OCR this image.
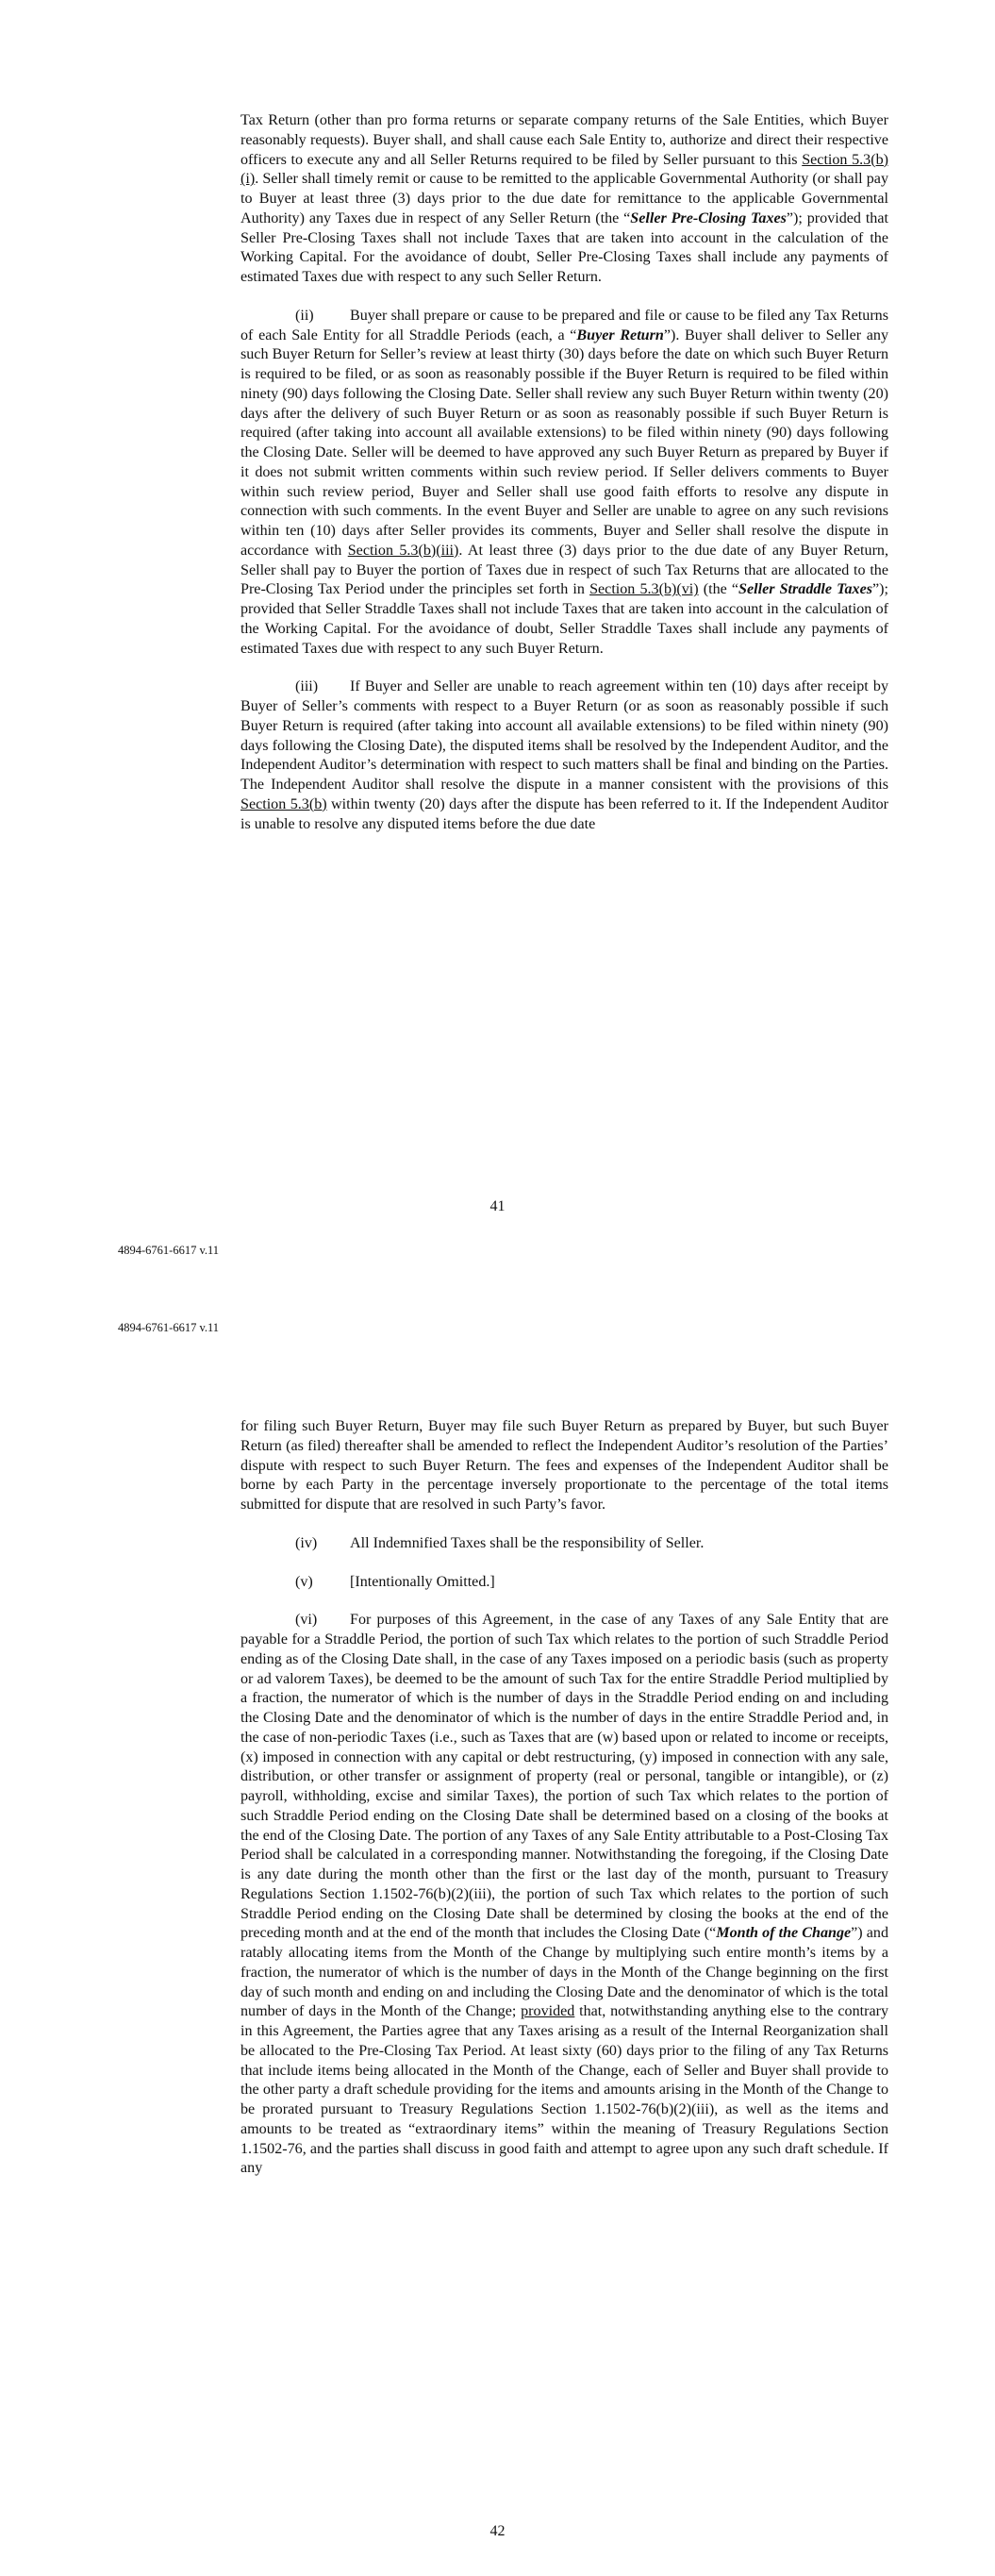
Tax Return (other than pro forma returns or separate company returns of the Sale Entities, which Buyer reasonably requests). Buyer shall, and shall cause each Sale Entity to, authorize and direct their respective officers to execute any and all Seller Returns required to be filed by Seller pursuant to this Section 5.3(b)(i). Seller shall timely remit or cause to be remitted to the applicable Governmental Authority (or shall pay to Buyer at least three (3) days prior to the due date for remittance to the applicable Governmental Authority) any Taxes due in respect of any Seller Return (the “Seller Pre-Closing Taxes”); provided that Seller Pre-Closing Taxes shall not include Taxes that are taken into account in the calculation of the Working Capital. For the avoidance of doubt, Seller Pre-Closing Taxes shall include any payments of estimated Taxes due with respect to any such Seller Return.

(ii) Buyer shall prepare or cause to be prepared and file or cause to be filed any Tax Returns of each Sale Entity for all Straddle Periods (each, a “Buyer Return”). Buyer shall deliver to Seller any such Buyer Return for Seller’s review at least thirty (30) days before the date on which such Buyer Return is required to be filed, or as soon as reasonably possible if the Buyer Return is required to be filed within ninety (90) days following the Closing Date. Seller shall review any such Buyer Return within twenty (20) days after the delivery of such Buyer Return or as soon as reasonably possible if such Buyer Return is required (after taking into account all available extensions) to be filed within ninety (90) days following the Closing Date. Seller will be deemed to have approved any such Buyer Return as prepared by Buyer if it does not submit written comments within such review period. If Seller delivers comments to Buyer within such review period, Buyer and Seller shall use good faith efforts to resolve any dispute in connection with such comments. In the event Buyer and Seller are unable to agree on any such revisions within ten (10) days after Seller provides its comments, Buyer and Seller shall resolve the dispute in accordance with Section 5.3(b)(iii). At least three (3) days prior to the due date of any Buyer Return, Seller shall pay to Buyer the portion of Taxes due in respect of such Tax Returns that are allocated to the Pre-Closing Tax Period under the principles set forth in Section 5.3(b)(vi) (the “Seller Straddle Taxes”); provided that Seller Straddle Taxes shall not include Taxes that are taken into account in the calculation of the Working Capital. For the avoidance of doubt, Seller Straddle Taxes shall include any payments of estimated Taxes due with respect to any such Buyer Return.

(iii) If Buyer and Seller are unable to reach agreement within ten (10) days after receipt by Buyer of Seller’s comments with respect to a Buyer Return (or as soon as reasonably possible if such Buyer Return is required (after taking into account all available extensions) to be filed within ninety (90) days following the Closing Date), the disputed items shall be resolved by the Independent Auditor, and the Independent Auditor’s determination with respect to such matters shall be final and binding on the Parties. The Independent Auditor shall resolve the dispute in a manner consistent with the provisions of this Section 5.3(b) within twenty (20) days after the dispute has been referred to it. If the Independent Auditor is unable to resolve any disputed items before the due date

41
4894-6761-6617 v.11

for filing such Buyer Return, Buyer may file such Buyer Return as prepared by Buyer, but such Buyer Return (as filed) thereafter shall be amended to reflect the Independent Auditor’s resolution of the Parties’ dispute with respect to such Buyer Return. The fees and expenses of the Independent Auditor shall be borne by each Party in the percentage inversely proportionate to the percentage of the total items submitted for dispute that are resolved in such Party’s favor.

(iv) All Indemnified Taxes shall be the responsibility of Seller.

(v) [Intentionally Omitted.]

(vi) For purposes of this Agreement, in the case of any Taxes of any Sale Entity that are payable for a Straddle Period, the portion of such Tax which relates to the portion of such Straddle Period ending as of the Closing Date shall, in the case of any Taxes imposed on a periodic basis (such as property or ad valorem Taxes), be deemed to be the amount of such Tax for the entire Straddle Period multiplied by a fraction, the numerator of which is the number of days in the Straddle Period ending on and including the Closing Date and the denominator of which is the number of days in the entire Straddle Period and, in the case of non-periodic Taxes (i.e., such as Taxes that are (w) based upon or related to income or receipts, (x) imposed in connection with any capital or debt restructuring, (y) imposed in connection with any sale, distribution, or other transfer or assignment of property (real or personal, tangible or intangible), or (z) payroll, withholding, excise and similar Taxes), the portion of such Tax which relates to the portion of such Straddle Period ending on the Closing Date shall be determined based on a closing of the books at the end of the Closing Date. The portion of any Taxes of any Sale Entity attributable to a Post-Closing Tax Period shall be calculated in a corresponding manner. Notwithstanding the foregoing, if the Closing Date is any date during the month other than the first or the last day of the month, pursuant to Treasury Regulations Section 1.1502-76(b)(2)(iii), the portion of such Tax which relates to the portion of such Straddle Period ending on the Closing Date shall be determined by closing the books at the end of the preceding month and at the end of the month that includes the Closing Date (“Month of the Change”) and ratably allocating items from the Month of the Change by multiplying such entire month’s items by a fraction, the numerator of which is the number of days in the Month of the Change beginning on the first day of such month and ending on and including the Closing Date and the denominator of which is the total number of days in the Month of the Change; provided that, notwithstanding anything else to the contrary in this Agreement, the Parties agree that any Taxes arising as a result of the Internal Reorganization shall be allocated to the Pre-Closing Tax Period. At least sixty (60) days prior to the filing of any Tax Returns that include items being allocated in the Month of the Change, each of Seller and Buyer shall provide to the other party a draft schedule providing for the items and amounts arising in the Month of the Change to be prorated pursuant to Treasury Regulations Section 1.1502-76(b)(2)(iii), as well as the items and amounts to be treated as “extraordinary items” within the meaning of Treasury Regulations Section 1.1502-76, and the parties shall discuss in good faith and attempt to agree upon any such draft schedule. If any

42
4894-6761-6617 v.11
